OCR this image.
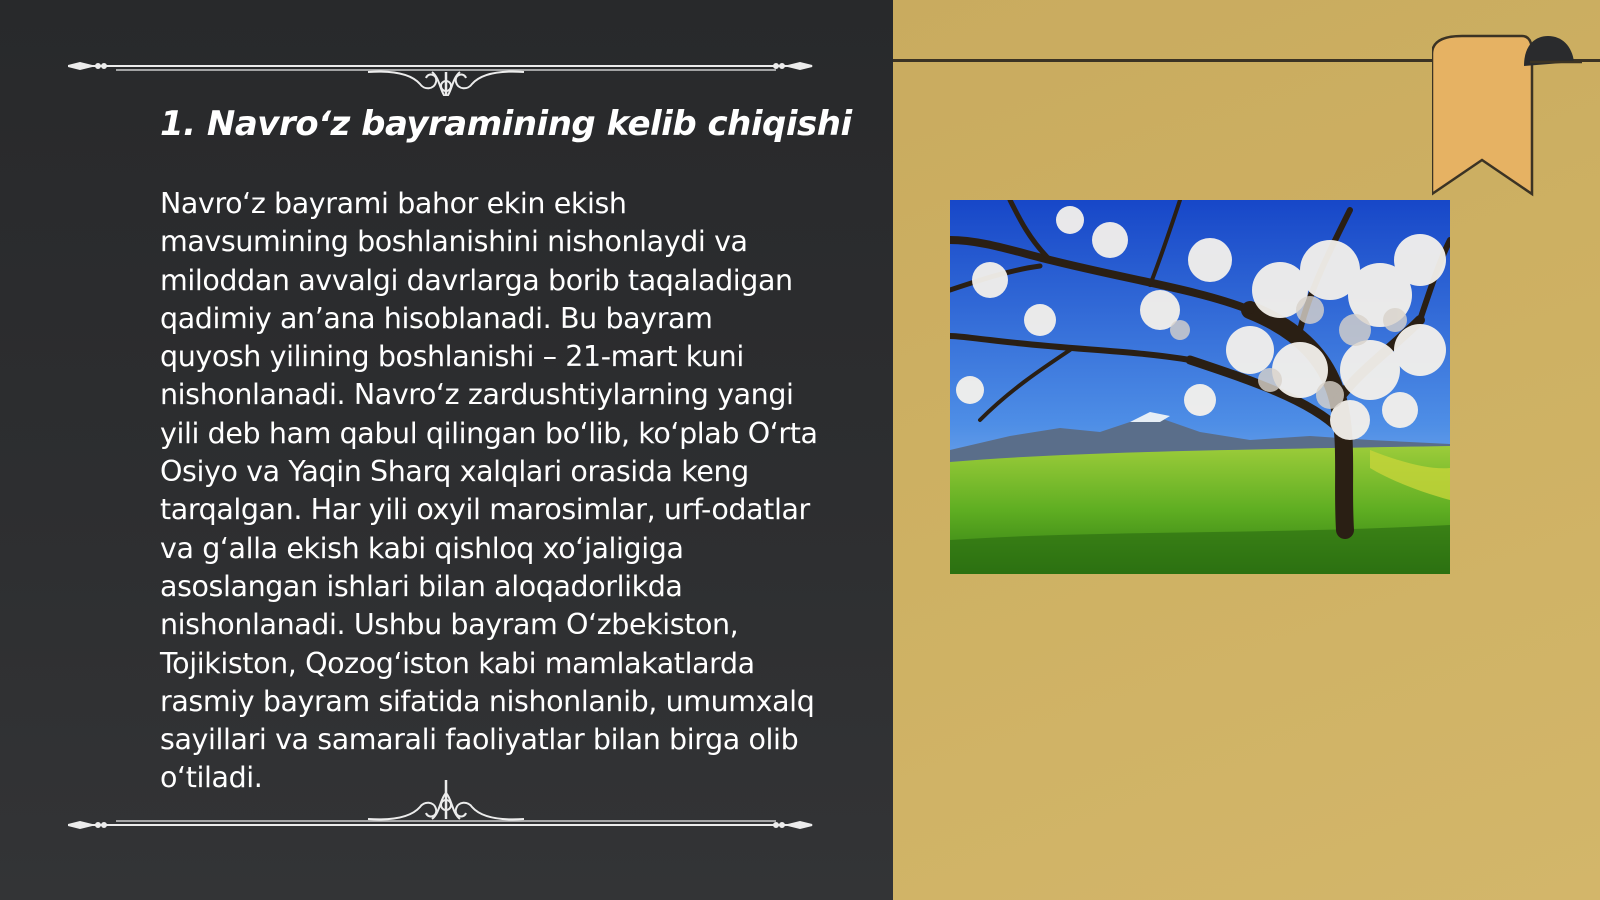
1. Navro‘z bayramining kelib chiqishi

Navro‘z bayrami bahor ekin ekish mavsumining boshlanishini nishonlaydi va miloddan avvalgi davrlarga borib taqaladigan qadimiy an’ana hisoblanadi. Bu bayram quyosh yilining boshlanishi – 21-mart kuni nishonlanadi. Navro‘z zardushtiylarning yangi yili deb ham qabul qilingan bo‘lib, ko‘plab O‘rta Osiyo va Yaqin Sharq xalqlari orasida keng tarqalgan. Har yili oxyil marosimlar, urf-odatlar va g‘alla ekish kabi qishloq xo‘jaligiga asoslangan ishlari bilan aloqadorlikda nishonlanadi. Ushbu bayram O‘zbekiston, Tojikiston, Qozog‘iston kabi mamlakatlarda rasmiy bayram sifatida nishonlanib, umumxalq sayillari va samarali faoliyatlar bilan birga olib o‘tiladi.
